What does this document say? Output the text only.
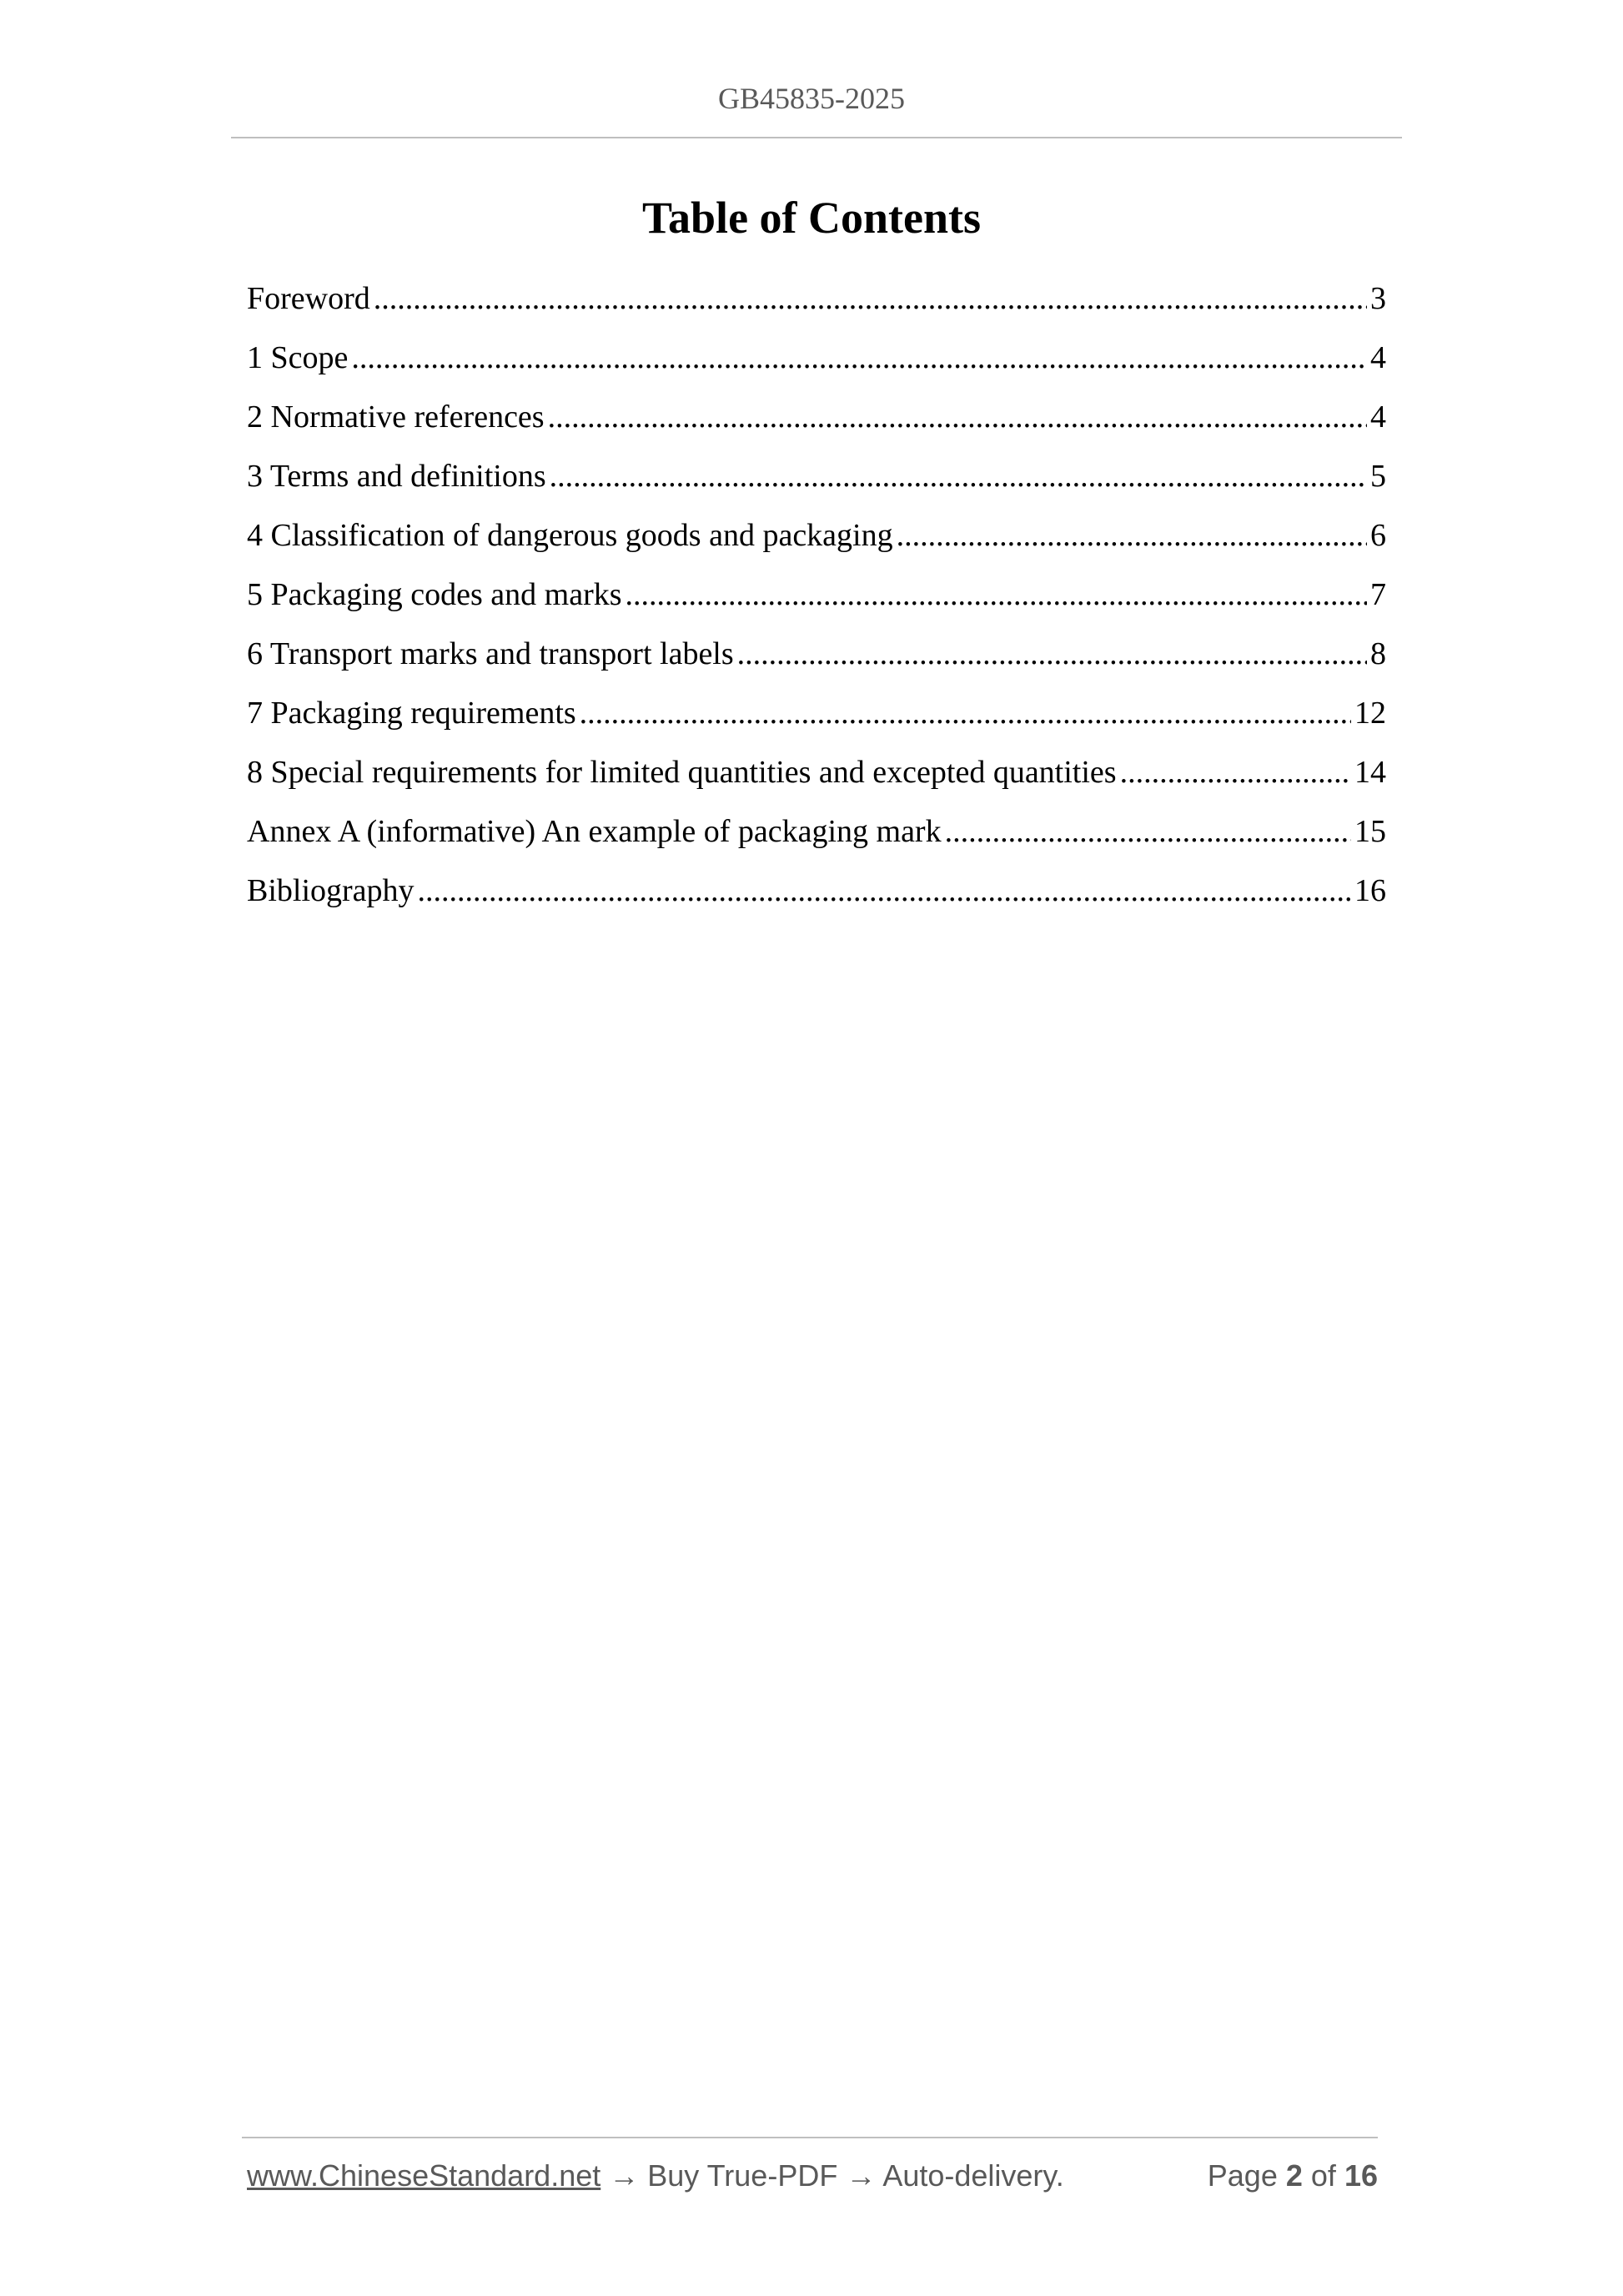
GB45835-2025
Table of Contents
Foreword .....	3
1 Scope .....	4
2 Normative references .....	4
3 Terms and definitions .....	5
4 Classification of dangerous goods and packaging .....	6
5 Packaging codes and marks .....	7
6 Transport marks and transport labels .....	8
7 Packaging requirements .....	12
8 Special requirements for limited quantities and excepted quantities .....	14
Annex A (informative) An example of packaging mark .....	15
Bibliography .....	16
www.ChineseStandard.net → Buy True-PDF → Auto-delivery.	Page 2 of 16
